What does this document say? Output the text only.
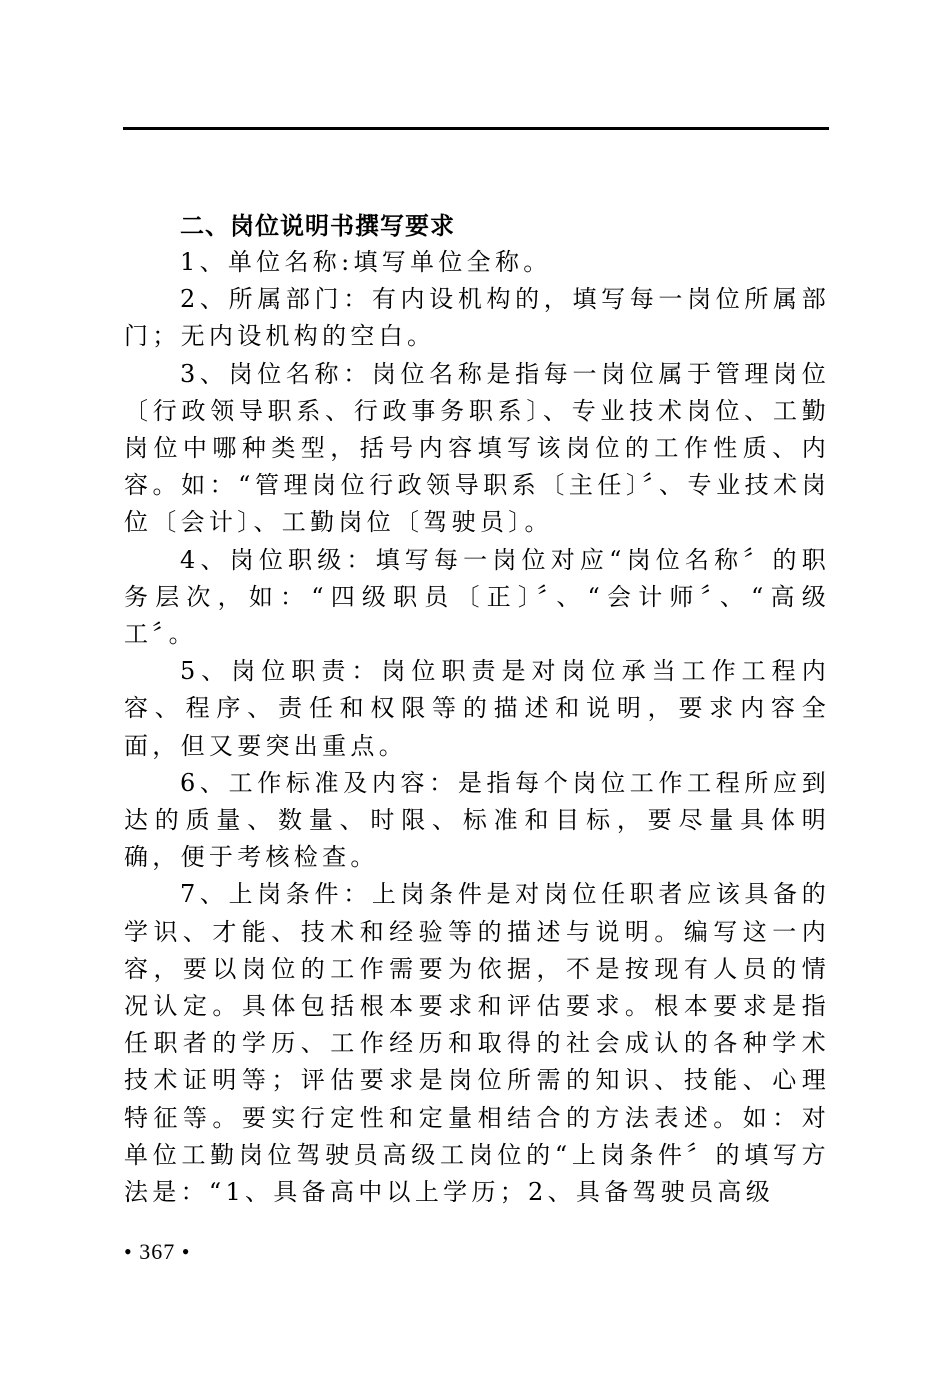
二、岗位说明书撰写要求

1、单位名称:填写单位全称。

2、所属部门：有内设机构的，填写每一岗位所属部门；无内设机构的空白。

3、岗位名称：岗位名称是指每一岗位属于管理岗位〔行政领导职系、行政事务职系〕、专业技术岗位、工勤岗位中哪种类型，括号内容填写该岗位的工作性质、内容。如：“管理岗位行政领导职系〔主任〕〞、专业技术岗位〔会计〕、工勤岗位〔驾驶员〕。

4、岗位职级：填写每一岗位对应“岗位名称〞的职务层次，如：“四级职员〔正〕〞、“会计师〞、“高级工〞。

5、岗位职责：岗位职责是对岗位承当工作工程内容、程序、责任和权限等的描述和说明，要求内容全面，但又要突出重点。

6、工作标准及内容：是指每个岗位工作工程所应到达的质量、数量、时限、标准和目标，要尽量具体明确，便于考核检查。

7、上岗条件：上岗条件是对岗位任职者应该具备的学识、才能、技术和经验等的描述与说明。编写这一内容，要以岗位的工作需要为依据，不是按现有人员的情况认定。具体包括根本要求和评估要求。根本要求是指任职者的学历、工作经历和取得的社会成认的各种学术技术证明等；评估要求是岗位所需的知识、技能、心理特征等。要实行定性和定量相结合的方法表述。如：对单位工勤岗位驾驶员高级工岗位的“上岗条件〞的填写方法是：“1、具备高中以上学历；2、具备驾驶员高级

• 367 •
